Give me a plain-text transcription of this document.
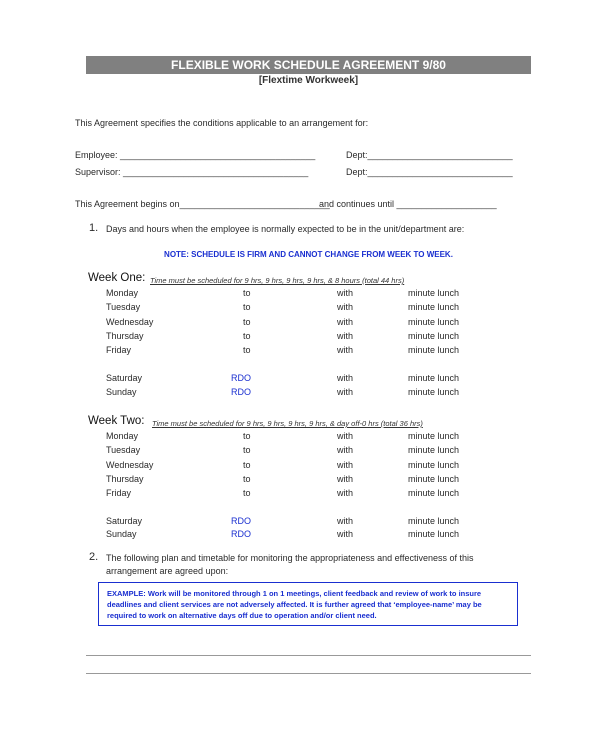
FLEXIBLE WORK SCHEDULE AGREEMENT 9/80
[Flextime Workweek]
This Agreement specifies the conditions applicable to an arrangement for:
Employee: _______________________________________	Dept:_____________________________
Supervisor: _____________________________________	Dept:_____________________________
This Agreement begins on______________________________
and continues until ____________________
1. Days and hours when the employee is normally expected to be in the unit/department are:
NOTE: SCHEDULE IS FIRM AND CANNOT CHANGE FROM WEEK TO WEEK.
Week One: Time must be scheduled for 9 hrs, 9 hrs, 9 hrs, 9 hrs, & 8 hours (total 44 hrs)
Monday	to	with	minute lunch
Tuesday	to	with	minute lunch
Wednesday	to	with	minute lunch
Thursday	to	with	minute lunch
Friday	to	with	minute lunch
Saturday	RDO	with	minute lunch
Sunday	RDO	with	minute lunch
Week Two: Time must be scheduled for 9 hrs, 9 hrs, 9 hrs, 9 hrs, & day off-0 hrs (total 36 hrs)
Monday	to	with	minute lunch
Tuesday	to	with	minute lunch
Wednesday	to	with	minute lunch
Thursday	to	with	minute lunch
Friday	to	with	minute lunch
Saturday	RDO	with	minute lunch
Sunday	RDO	with	minute lunch
2. The following plan and timetable for monitoring the appropriateness and effectiveness of this
arrangement are agreed upon:
EXAMPLE: Work will be monitored through 1 on 1 meetings, client feedback and review of work to insure deadlines and client services are not adversely affected. It is further agreed that ‘employee-name’ may be required to work on alternative days off due to operation and/or client need.
